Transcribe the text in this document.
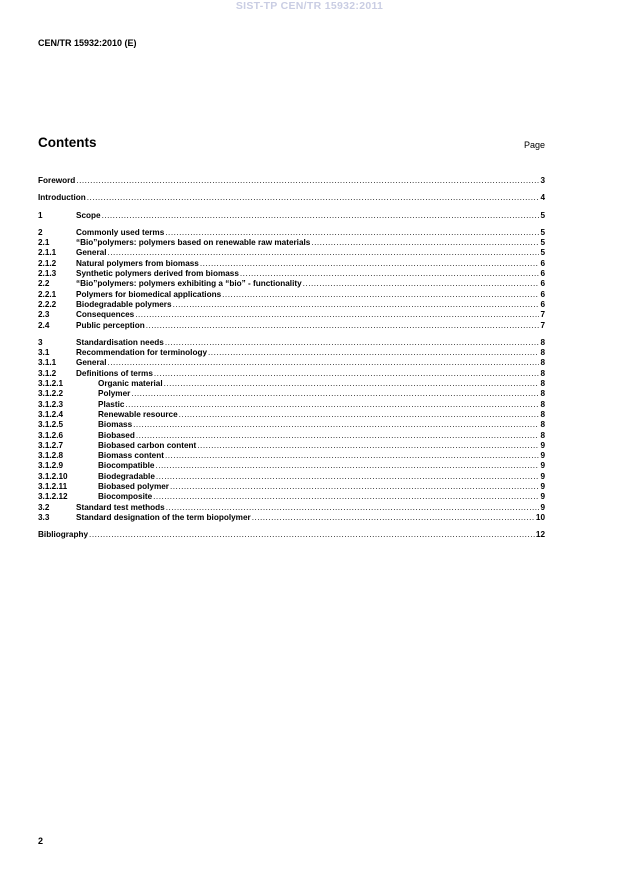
SIST-TP CEN/TR 15932:2011
CEN/TR 15932:2010 (E)
Contents	Page
Foreword .....	3
Introduction .....	4
1	Scope .....	5
2	Commonly used terms .....	5
2.1	“Bio”polymers: polymers based on renewable raw materials .....	5
2.1.1	General .....	5
2.1.2	Natural polymers from biomass .....	6
2.1.3	Synthetic polymers derived from biomass .....	6
2.2	“Bio”polymers: polymers exhibiting a “bio” - functionality .....	6
2.2.1	Polymers for biomedical applications .....	6
2.2.2	Biodegradable polymers .....	6
2.3	Consequences .....	7
2.4	Public perception .....	7
3	Standardisation needs .....	8
3.1	Recommendation for terminology .....	8
3.1.1	General .....	8
3.1.2	Definitions of terms .....	8
3.1.2.1	Organic material .....	8
3.1.2.2	Polymer .....	8
3.1.2.3	Plastic .....	8
3.1.2.4	Renewable resource .....	8
3.1.2.5	Biomass .....	8
3.1.2.6	Biobased .....	8
3.1.2.7	Biobased carbon content .....	9
3.1.2.8	Biomass content .....	9
3.1.2.9	Biocompatible .....	9
3.1.2.10	Biodegradable .....	9
3.1.2.11	Biobased polymer .....	9
3.1.2.12	Biocomposite .....	9
3.2	Standard test methods .....	9
3.3	Standard designation of the term biopolymer .....	10
Bibliography .....	12
2
